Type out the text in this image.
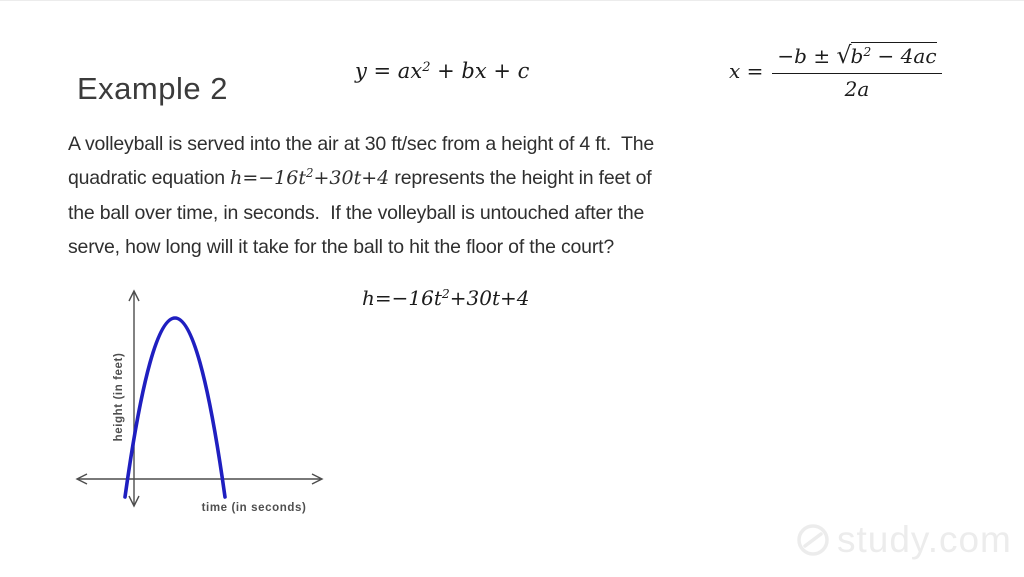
Example 2	$y = ax^2$ + bx + c	$x = \frac{-b \pm √b^2 - 4ac}{2a}$
A volleyball is served into the air at 30 ft/sec from a height of 4 ft.  The
quadratic equation $h=-16t^2+30t+4$ represents the height in feet of
the ball over time, in seconds.  If the volleyball is untouched after the
serve, how long will it take for the ball to hit the floor of the court?
$h=-16t^2+30t+4$
height (in feet)
time (in seconds)
study.com
